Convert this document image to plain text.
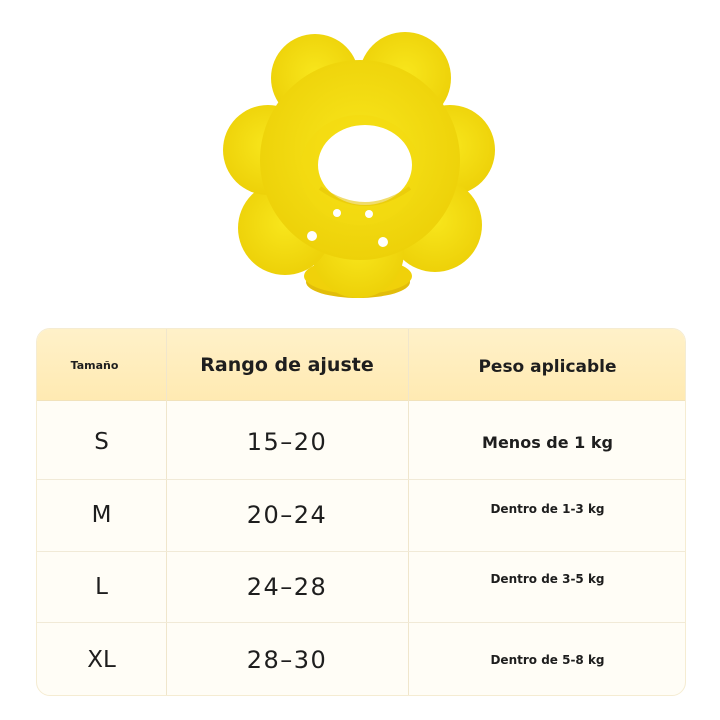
Tamaño	Rango de ajuste	Peso aplicable
S	15–20	Menos de 1 kg
M	20–24	Dentro de 1-3 kg
L	24–28	Dentro de 3-5 kg
XL	28–30	Dentro de 5-8 kg
